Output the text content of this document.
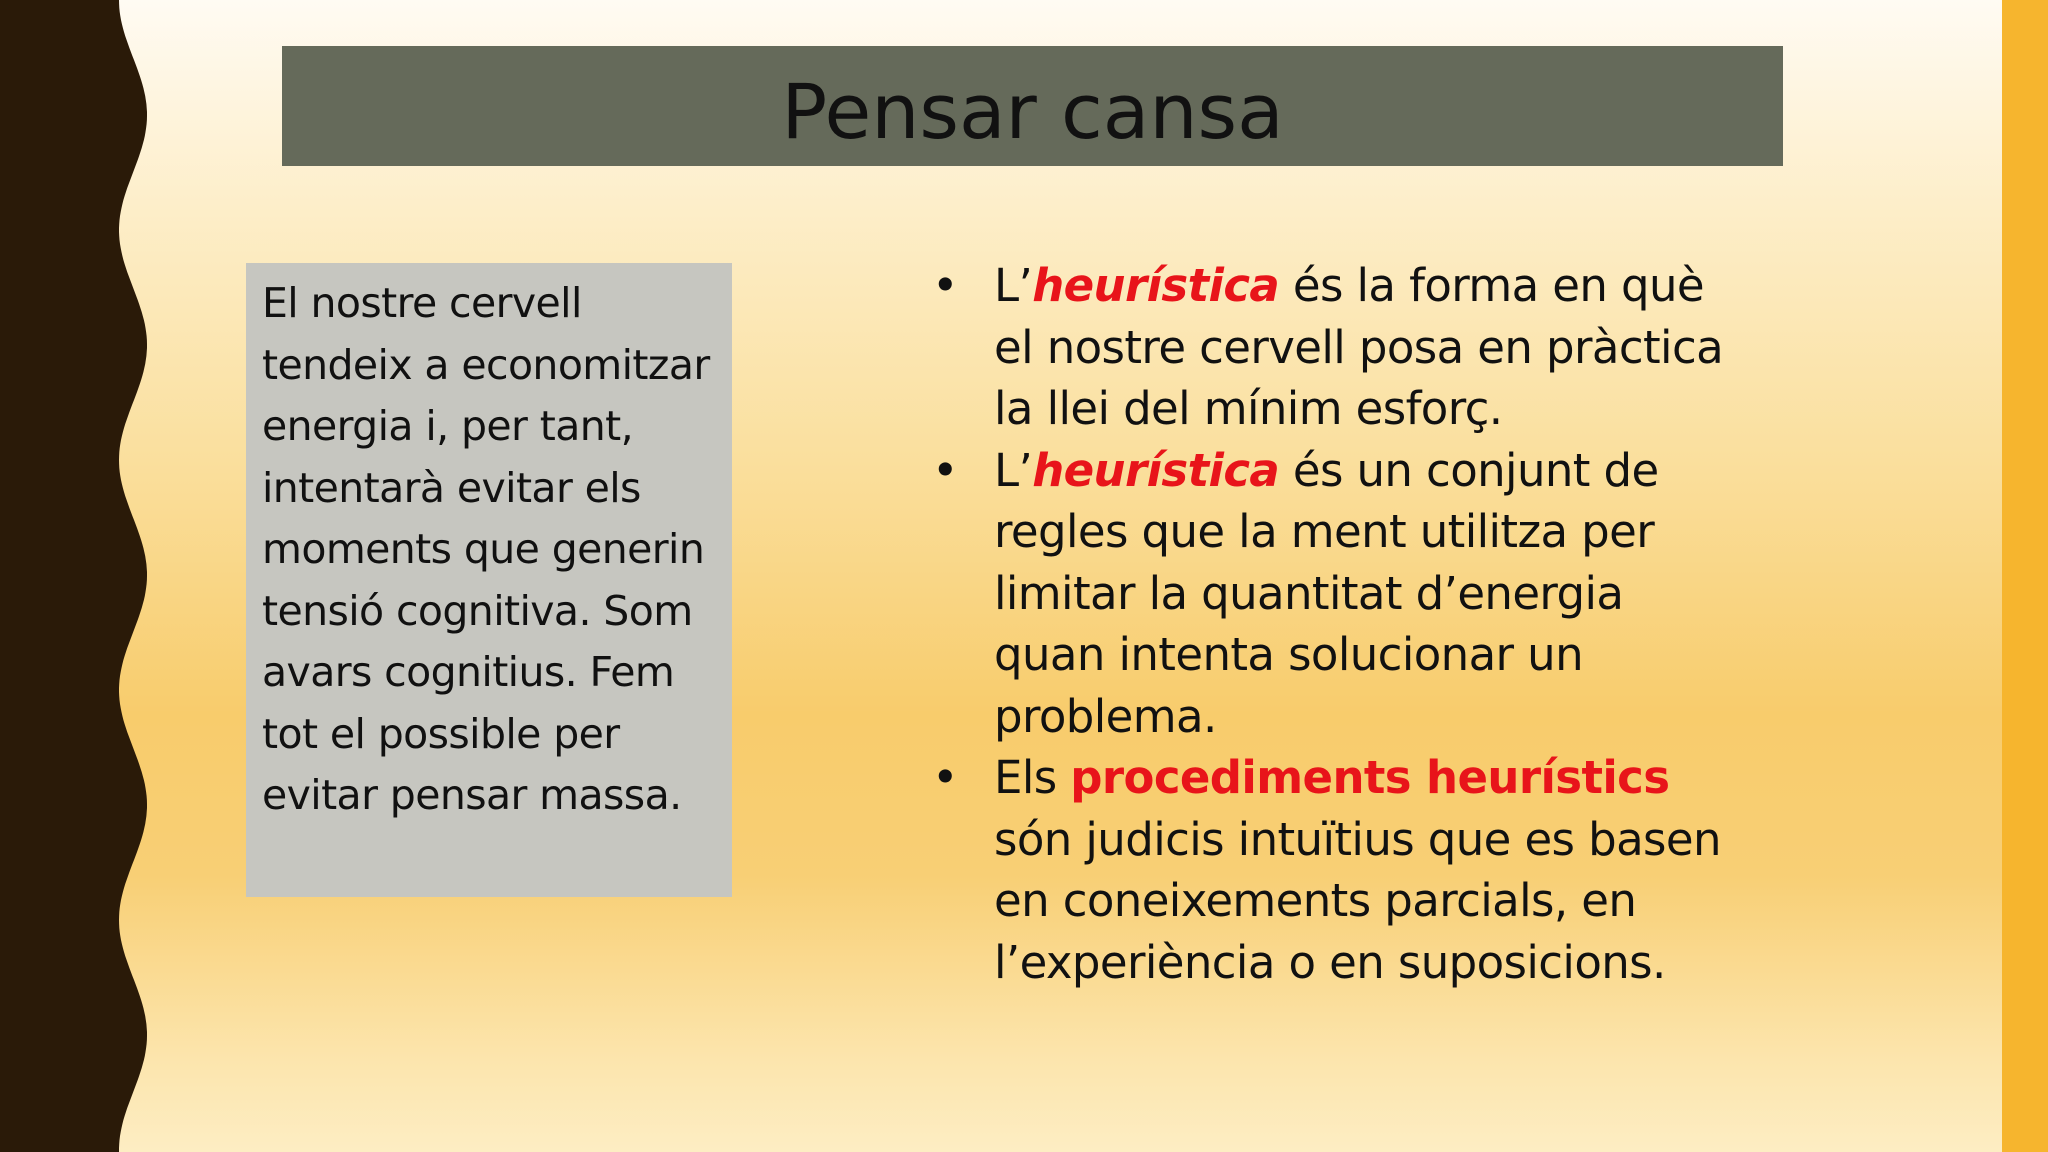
Pensar cansa

El nostre cervell tendeix a economitzar energia i, per tant, intentarà evitar els moments que generin tensió cognitiva. Som avars cognitius. Fem tot el possible per evitar pensar massa.

• L’heurística és la forma en què el nostre cervell posa en pràctica la llei del mínim esforç.
• L’heurística és un conjunt de regles que la ment utilitza per limitar la quantitat d’energia quan intenta solucionar un problema.
• Els procediments heurístics són judicis intuïtius que es basen en coneixements parcials, en l’experiència o en suposicions.
